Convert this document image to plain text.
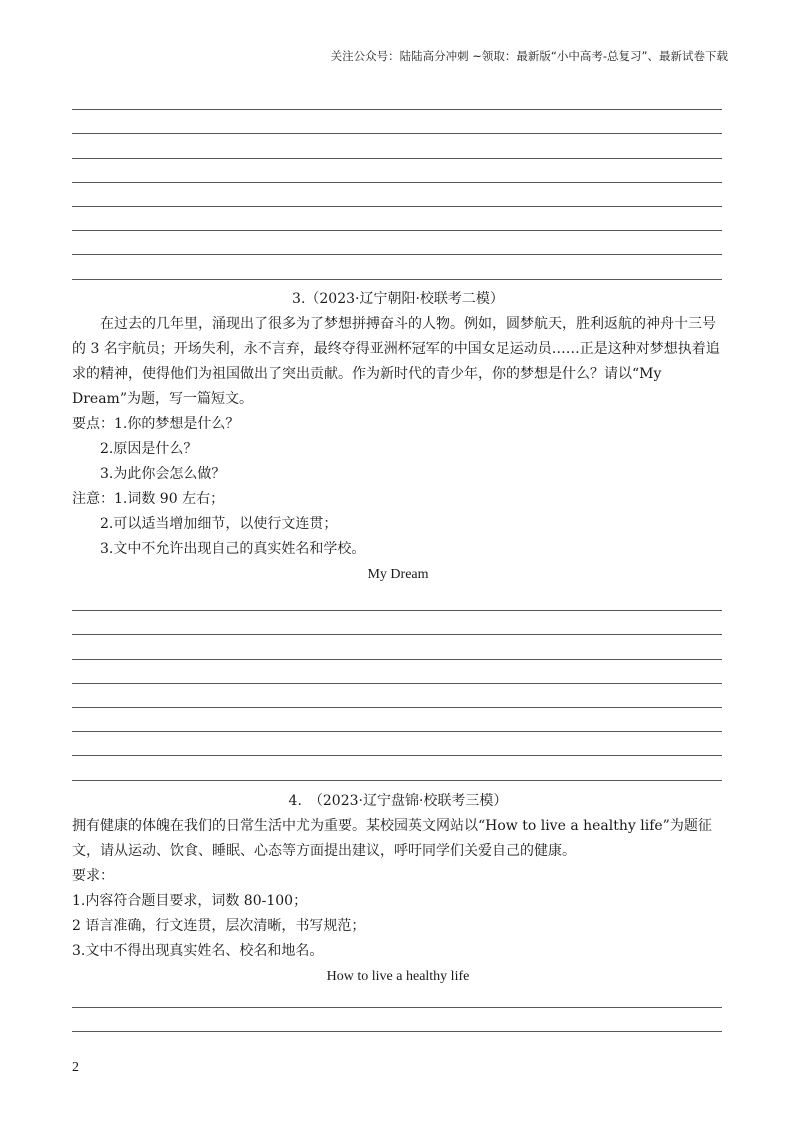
关注公众号：陆陆高分冲刺 ~领取：最新版“小中高考-总复习”、最新试卷下载

3.（2023·辽宁朝阳·校联考二模）

在过去的几年里，涌现出了很多为了梦想拼搏奋斗的人物。例如，圆梦航天，胜利返航的神舟十三号的 3 名宇航员；开场失利，永不言弃，最终夺得亚洲杯冠军的中国女足运动员……正是这种对梦想执着追求的精神，使得他们为祖国做出了突出贡献。作为新时代的青少年，你的梦想是什么？请以“My Dream”为题，写一篇短文。

要点：1.你的梦想是什么？

2.原因是什么？

3.为此你会怎么做？

注意：1.词数 90 左右；

2.可以适当增加细节，以使行文连贯；

3.文中不允许出现自己的真实姓名和学校。

My Dream

4.　（2023·辽宁盘锦·校联考三模）

拥有健康的体魄在我们的日常生活中尤为重要。某校园英文网站以“How to live a healthy life”为题征文，请从运动、饮食、睡眠、心态等方面提出建议，呼吁同学们关爱自己的健康。

要求：

1.内容符合题目要求，词数 80-100；

2 语言准确，行文连贯，层次清晰，书写规范；

3.文中不得出现真实姓名、校名和地名。

How to live a healthy life

2
